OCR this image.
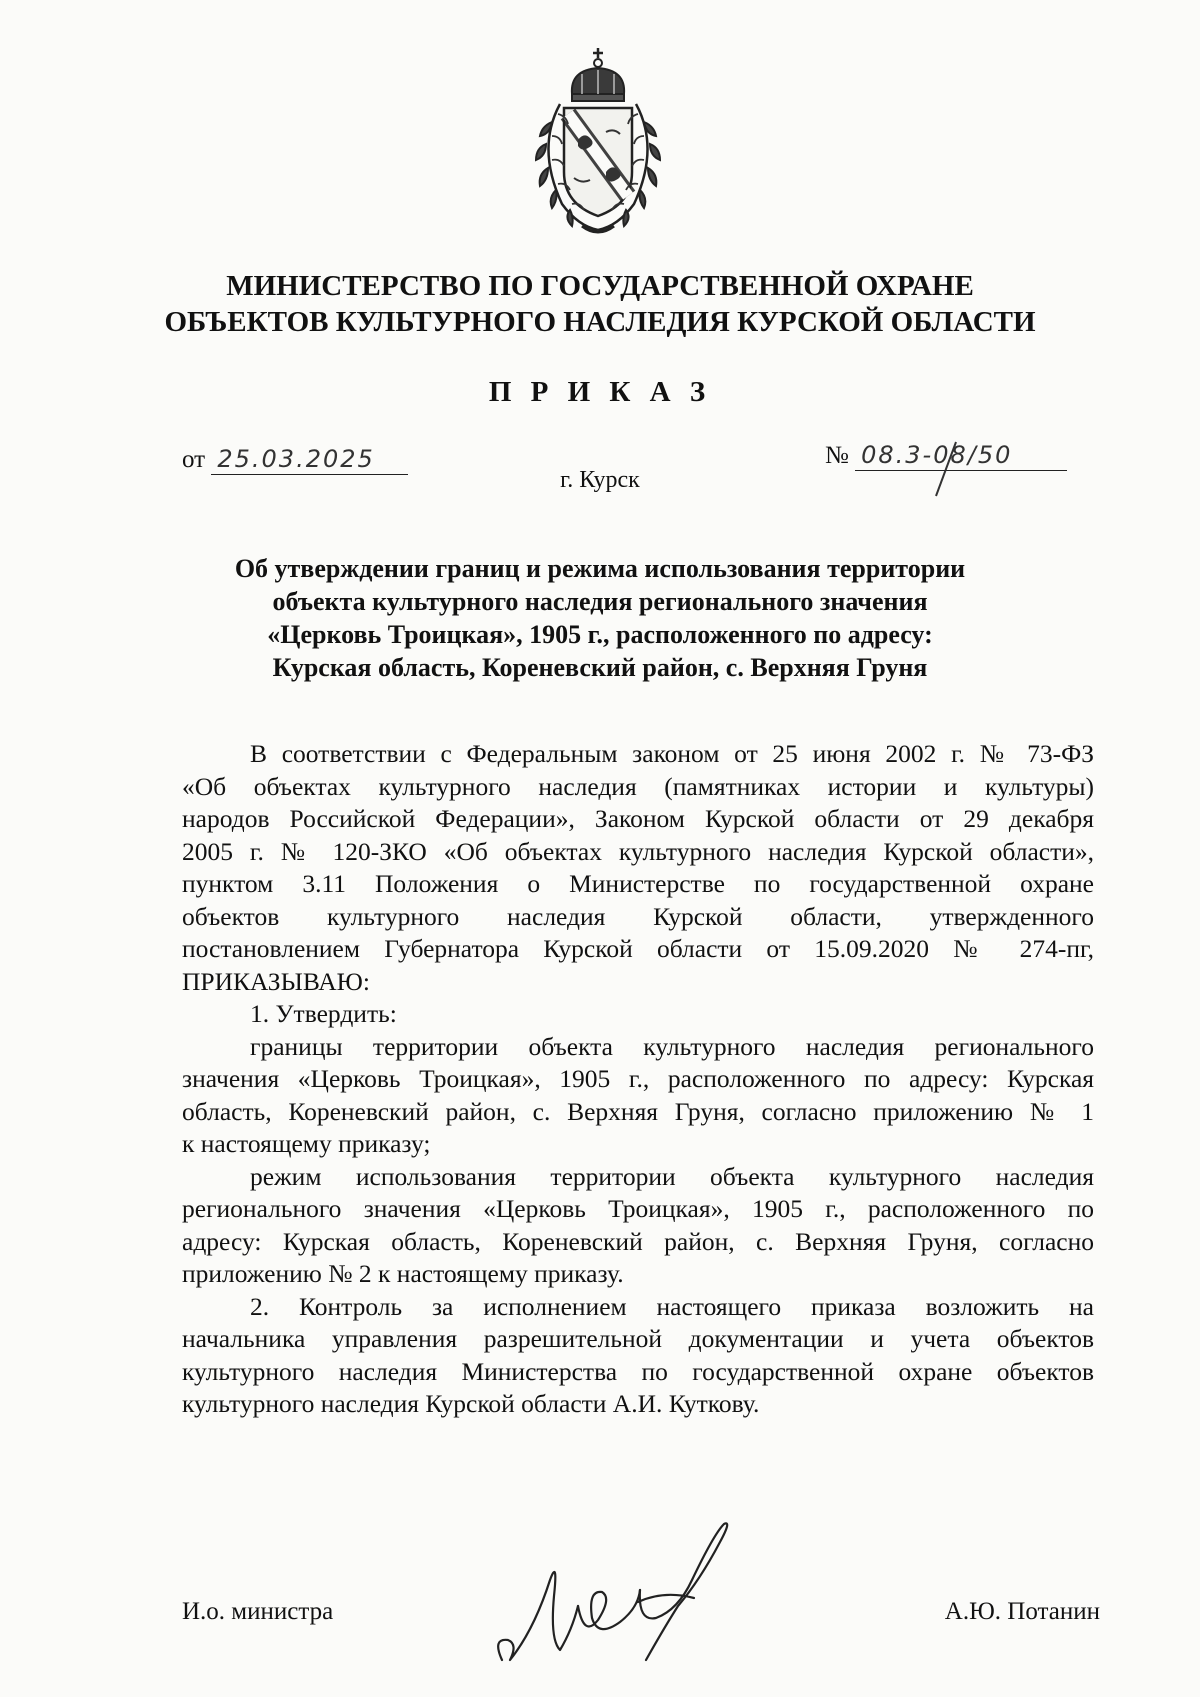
МИНИСТЕРСТВО ПО ГОСУДАРСТВЕННОЙ ОХРАНЕ
ОБЪЕКТОВ КУЛЬТУРНОГО НАСЛЕДИЯ КУРСКОЙ ОБЛАСТИ
П Р И К А З
от 25.03.2025	№ 08.3-08/50
г. Курск
Об утверждении границ и режима использования территории
объекта культурного наследия регионального значения
«Церковь Троицкая», 1905 г., расположенного по адресу:
Курская область, Кореневский район, с. Верхняя Груня

В соответствии с Федеральным законом от 25 июня 2002 г. № 73-ФЗ

«Об объектах культурного наследия (памятниках истории и культуры)

народов Российской Федерации», Законом Курской области от 29 декабря

2005 г. № 120-ЗКО «Об объектах культурного наследия Курской области»,

пунктом 3.11 Положения о Министерстве по государственной охране

объектов культурного наследия Курской области, утвержденного

постановлением Губернатора Курской области от 15.09.2020 № 274-пг,

ПРИКАЗЫВАЮ:

1. Утвердить:

границы территории объекта культурного наследия регионального

значения «Церковь Троицкая», 1905 г., расположенного по адресу: Курская

область, Кореневский район, с. Верхняя Груня, согласно приложению № 1

к настоящему приказу;

режим использования территории объекта культурного наследия

регионального значения «Церковь Троицкая», 1905 г., расположенного по

адресу: Курская область, Кореневский район, с. Верхняя Груня, согласно

приложению № 2 к настоящему приказу.

2. Контроль за исполнением настоящего приказа возложить на

начальника управления разрешительной документации и учета объектов

культурного наследия Министерства по государственной охране объектов

культурного наследия Курской области А.И. Куткову.

И.о. министра	А.Ю. Потанин
